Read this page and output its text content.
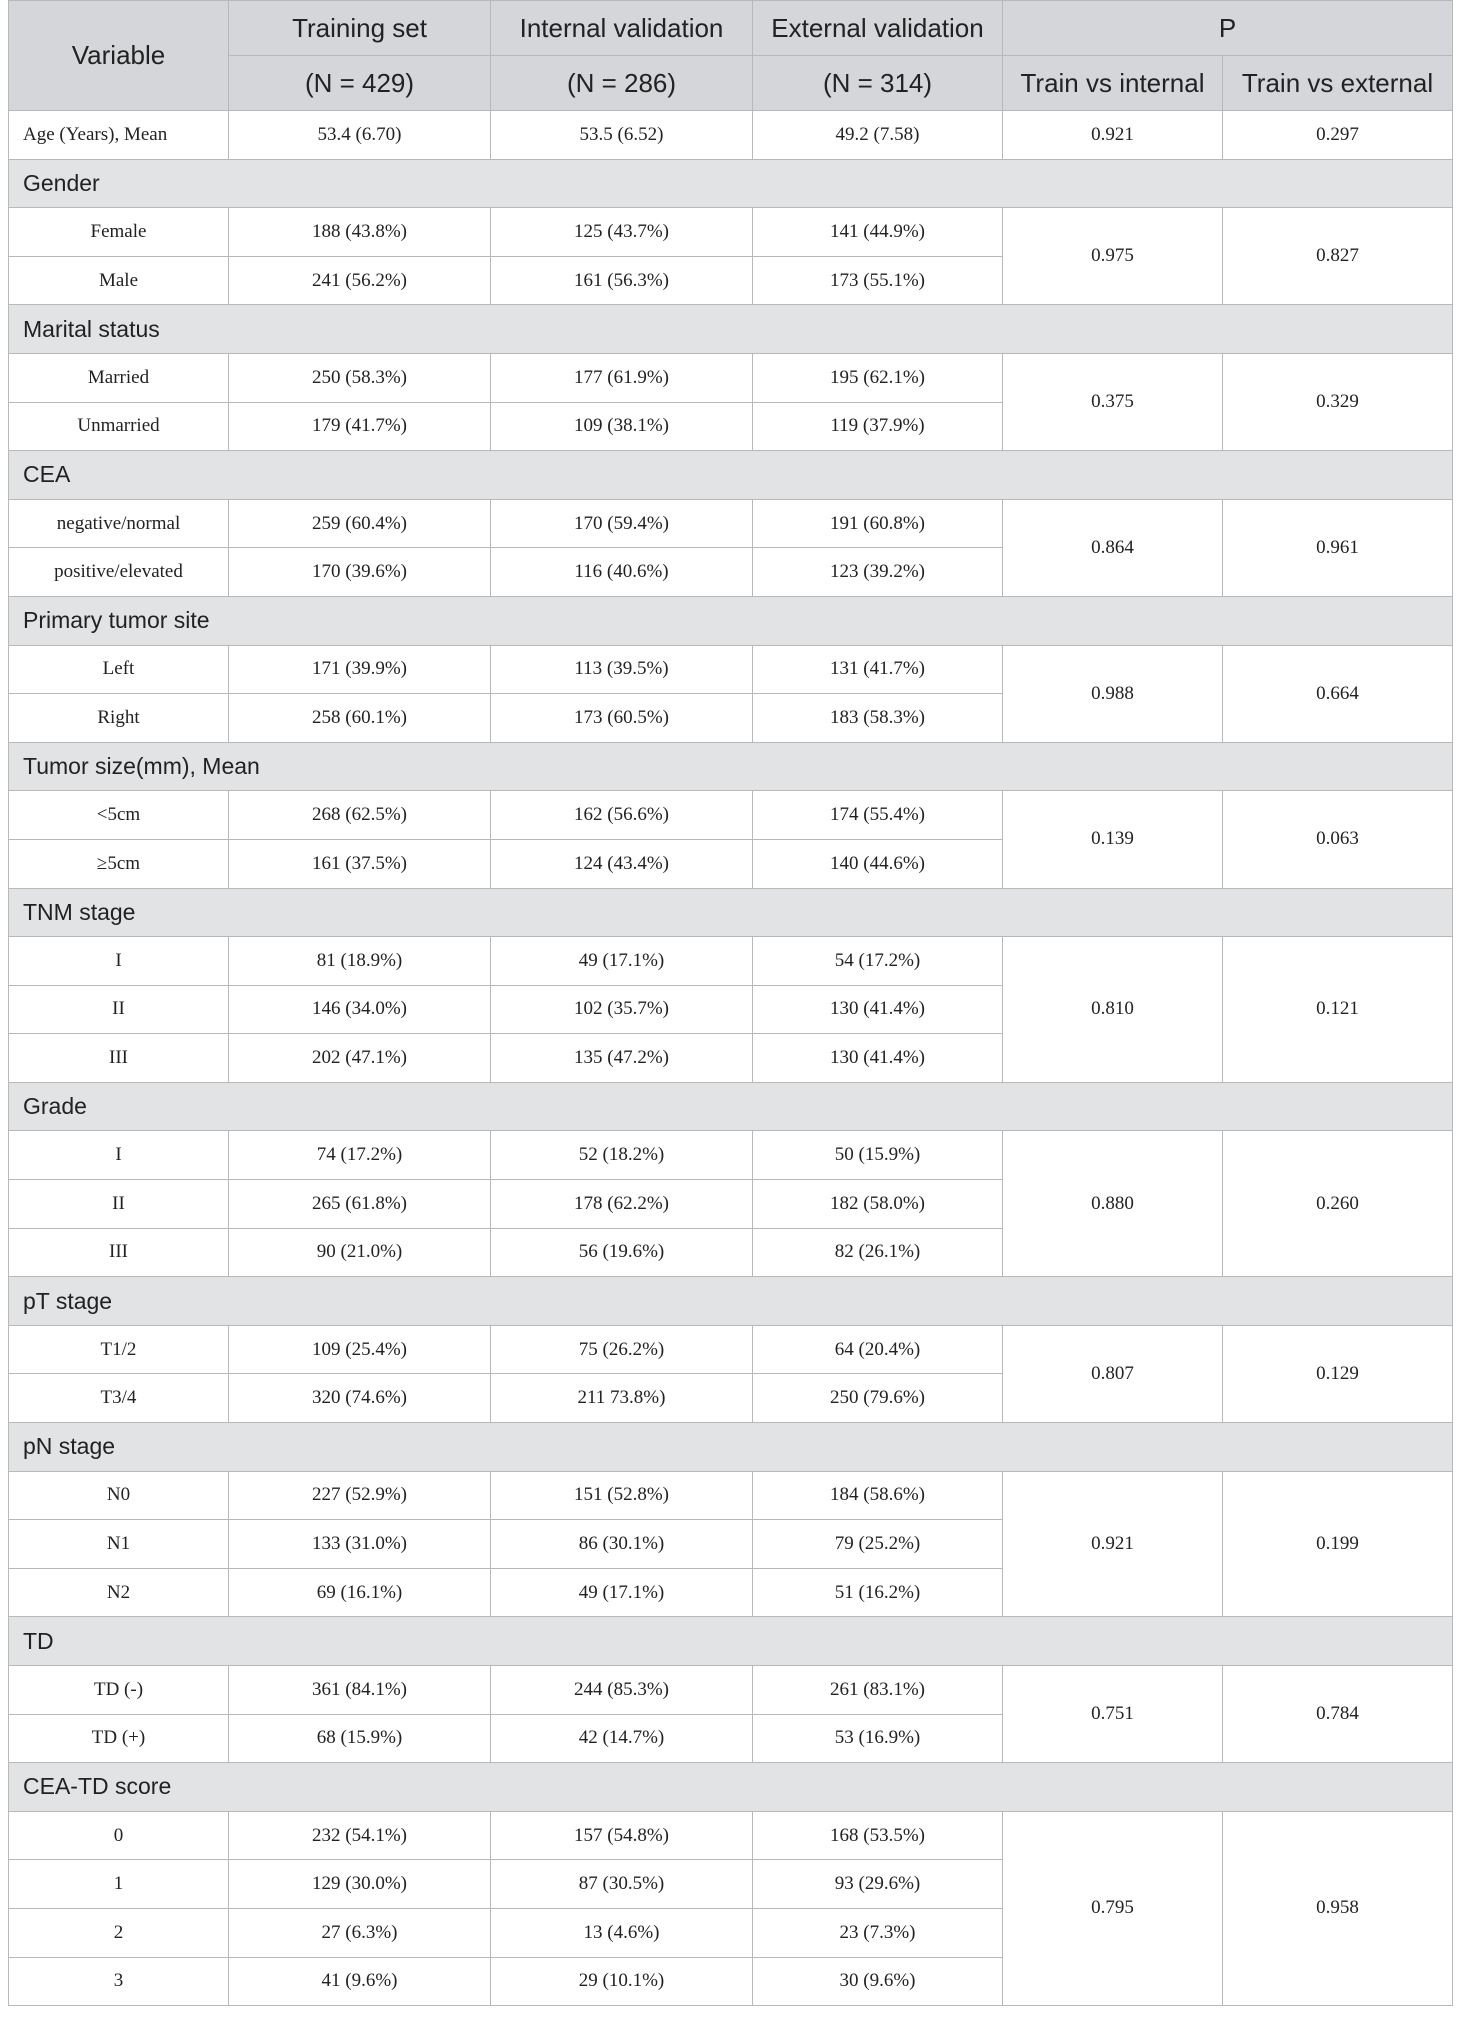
Variable	Training set	Internal validation	External validation	P	
	(N = 429)	(N = 286)	(N = 314)	Train vs internal	Train vs external
Age (Years), Mean	53.4 (6.70)	53.5 (6.52)	49.2 (7.58)	0.921	0.297
Gender					
Female	188 (43.8%)	125 (43.7%)	141 (44.9%)	0.975	0.827
Male	241 (56.2%)	161 (56.3%)	173 (55.1%)		
Marital status					
Married	250 (58.3%)	177 (61.9%)	195 (62.1%)	0.375	0.329
Unmarried	179 (41.7%)	109 (38.1%)	119 (37.9%)		
CEA					
negative/normal	259 (60.4%)	170 (59.4%)	191 (60.8%)	0.864	0.961
positive/elevated	170 (39.6%)	116 (40.6%)	123 (39.2%)		
Primary tumor site					
Left	171 (39.9%)	113 (39.5%)	131 (41.7%)	0.988	0.664
Right	258 (60.1%)	173 (60.5%)	183 (58.3%)		
Tumor size(mm), Mean					
<5cm	268 (62.5%)	162 (56.6%)	174 (55.4%)	0.139	0.063
≥5cm	161 (37.5%)	124 (43.4%)	140 (44.6%)		
TNM stage					
I	81 (18.9%)	49 (17.1%)	54 (17.2%)	0.810	0.121
II	146 (34.0%)	102 (35.7%)	130 (41.4%)		
III	202 (47.1%)	135 (47.2%)	130 (41.4%)		
Grade					
I	74 (17.2%)	52 (18.2%)	50 (15.9%)	0.880	0.260
II	265 (61.8%)	178 (62.2%)	182 (58.0%)		
III	90 (21.0%)	56 (19.6%)	82 (26.1%)		
pT stage					
T1/2	109 (25.4%)	75 (26.2%)	64 (20.4%)	0.807	0.129
T3/4	320 (74.6%)	211 73.8%)	250 (79.6%)		
pN stage					
N0	227 (52.9%)	151 (52.8%)	184 (58.6%)	0.921	0.199
N1	133 (31.0%)	86 (30.1%)	79 (25.2%)		
N2	69 (16.1%)	49 (17.1%)	51 (16.2%)		
TD					
TD (-)	361 (84.1%)	244 (85.3%)	261 (83.1%)	0.751	0.784
TD (+)	68 (15.9%)	42 (14.7%)	53 (16.9%)		
CEA-TD score					
0	232 (54.1%)	157 (54.8%)	168 (53.5%)	0.795	0.958
1	129 (30.0%)	87 (30.5%)	93 (29.6%)		
2	27 (6.3%)	13 (4.6%)	23 (7.3%)		
3	41 (9.6%)	29 (10.1%)	30 (9.6%)		
